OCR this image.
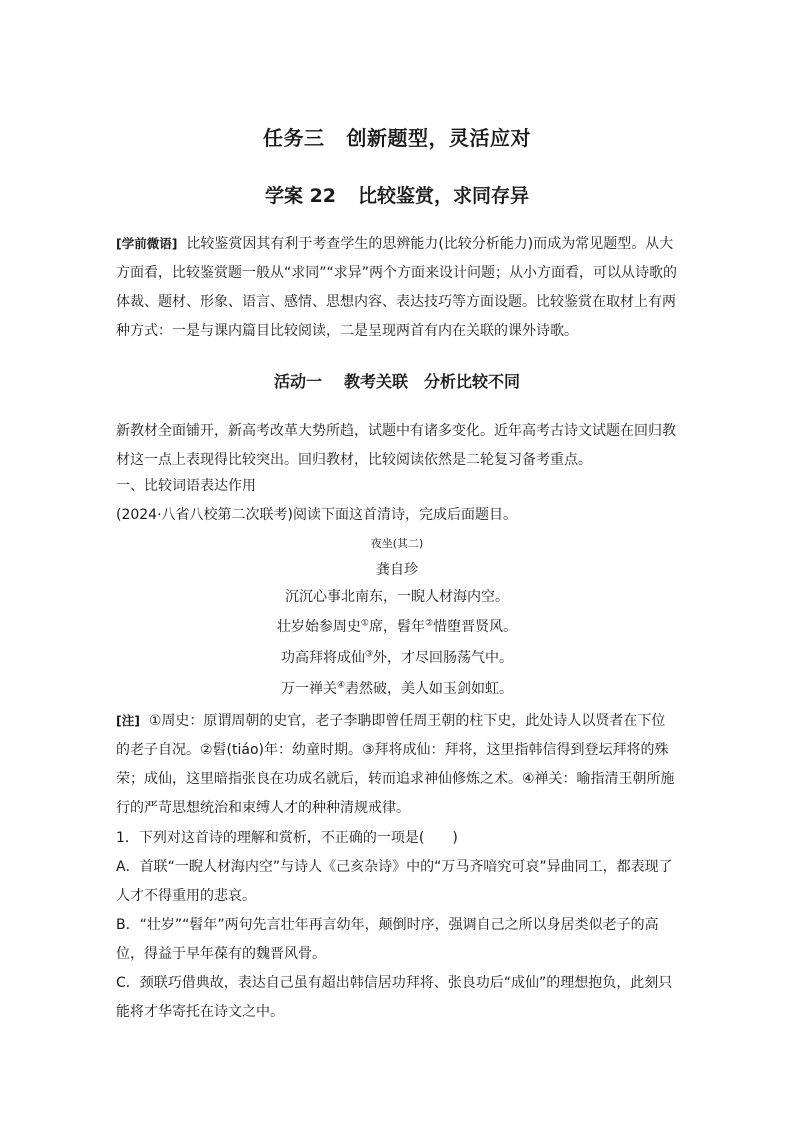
任务三 创新题型，灵活应对
学案 22 比较鉴赏，求同存异
[学前微语] 比较鉴赏因其有利于考查学生的思辨能力(比较分析能力)而成为常见题型。从大方面看，比较鉴赏题一般从“求同”“求异”两个方面来设计问题；从小方面看，可以从诗歌的体裁、题材、形象、语言、感情、思想内容、表达技巧等方面设题。比较鉴赏在取材上有两种方式：一是与课内篇目比较阅读，二是呈现两首有内在关联的课外诗歌。
活动一 教考关联　分析比较不同
新教材全面铺开，新高考改革大势所趋，试题中有诸多变化。近年高考古诗文试题在回归教材这一点上表现得比较突出。回归教材，比较阅读依然是二轮复习备考重点。
一、比较词语表达作用
(2024·八省八校第二次联考)阅读下面这首清诗，完成后面题目。
夜坐(其二)
龚自珍
沉沉心事北南东，一睨人材海内空。
壮岁始参周史①席，髫年②惜堕晋贤风。
功高拜将成仙③外，才尽回肠荡气中。
万一禅关④砉然破，美人如玉剑如虹。
[注] ①周史：原谓周朝的史官，老子李聃即曾任周王朝的柱下史，此处诗人以贤者在下位的老子自况。②髫(tiáo)年：幼童时期。③拜将成仙：拜将，这里指韩信得到登坛拜将的殊荣；成仙，这里暗指张良在功成名就后，转而追求神仙修炼之术。④禅关：喻指清王朝所施行的严苛思想统治和束缚人才的种种清规戒律。
1．下列对这首诗的理解和赏析，不正确的一项是(　　)
A．首联“一睨人材海内空”与诗人《己亥杂诗》中的“万马齐喑究可哀”异曲同工，都表现了人才不得重用的悲哀。
B．“壮岁”“髫年”两句先言壮年再言幼年，颠倒时序，强调自己之所以身居类似老子的高位，得益于早年葆有的魏晋风骨。
C．颈联巧借典故，表达自己虽有超出韩信居功拜将、张良功后“成仙”的理想抱负，此刻只能将才华寄托在诗文之中。
